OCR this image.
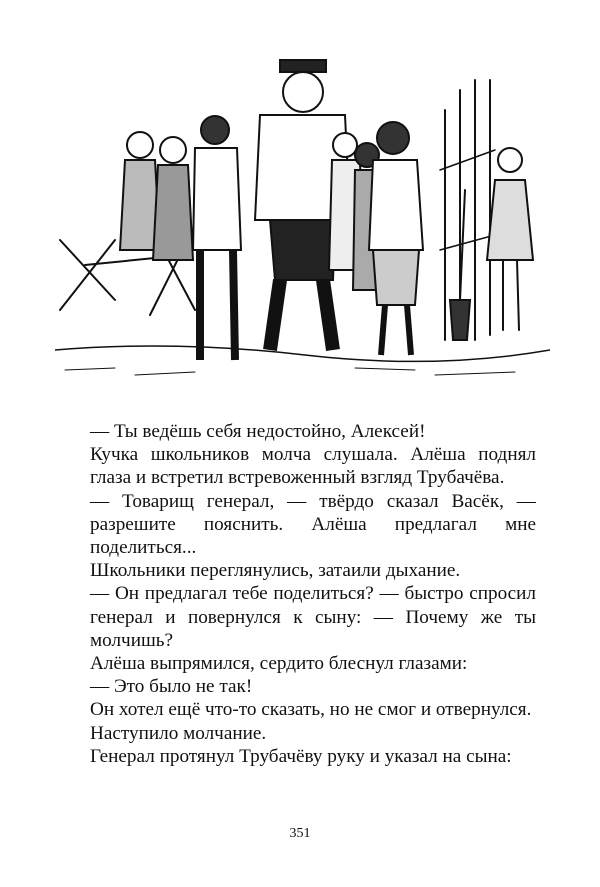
— Ты ведёшь себя недостойно, Алексей!

Кучка школьников молча слушала. Алёша поднял глаза и встретил встревоженный взгляд Трубачёва.

— Товарищ генерал, — твёрдо сказал Васёк, — разрешите пояснить. Алёша предлагал мне поделиться...

Школьники переглянулись, затаили дыхание.

— Он предлагал тебе поделиться? — быстро спросил генерал и повернулся к сыну: — Почему же ты молчишь?

Алёша выпрямился, сердито блеснул глазами:

— Это было не так!

Он хотел ещё что-то сказать, но не смог и отвернулся.

Наступило молчание.

Генерал протянул Трубачёву руку и указал на сына:

351
